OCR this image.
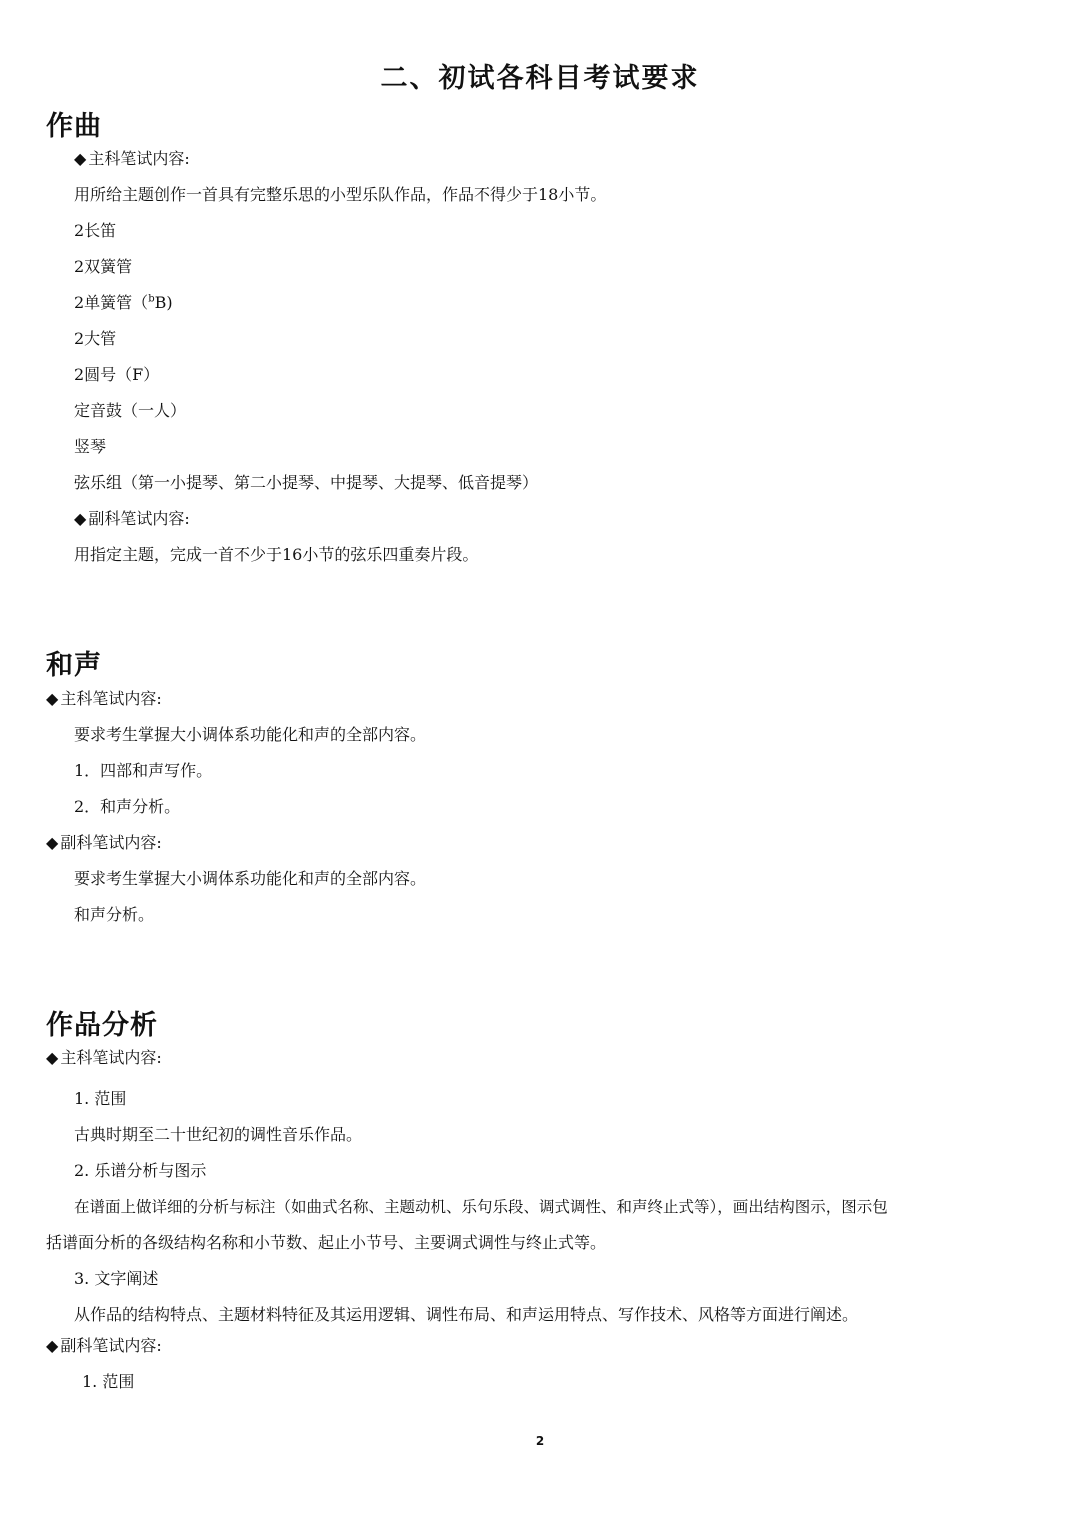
二、初试各科目考试要求
作曲
◆ 主科笔试内容:
用所给主题创作一首具有完整乐思的小型乐队作品，作品不得少于18小节。
2长笛
2双簧管
2单簧管（$^b$B)
2大管
2圆号（F）
定音鼓（一人）
竖琴
弦乐组（第一小提琴、第二小提琴、中提琴、大提琴、低音提琴）
◆ 副科笔试内容:
用指定主题，完成一首不少于16小节的弦乐四重奏片段。
和声
◆ 主科笔试内容:
要求考生掌握大小调体系功能化和声的全部内容。
1．四部和声写作。
2．和声分析。
◆ 副科笔试内容:
要求考生掌握大小调体系功能化和声的全部内容。
和声分析。
作品分析
◆ 主科笔试内容:
1. 范围
古典时期至二十世纪初的调性音乐作品。
2. 乐谱分析与图示
在谱面上做详细的分析与标注（如曲式名称、主题动机、乐句乐段、调式调性、和声终止式等），画出结构图示，图示包
括谱面分析的各级结构名称和小节数、起止小节号、主要调式调性与终止式等。
3. 文字阐述
从作品的结构特点、主题材料特征及其运用逻辑、调性布局、和声运用特点、写作技术、风格等方面进行阐述。
◆ 副科笔试内容:
1. 范围
2
